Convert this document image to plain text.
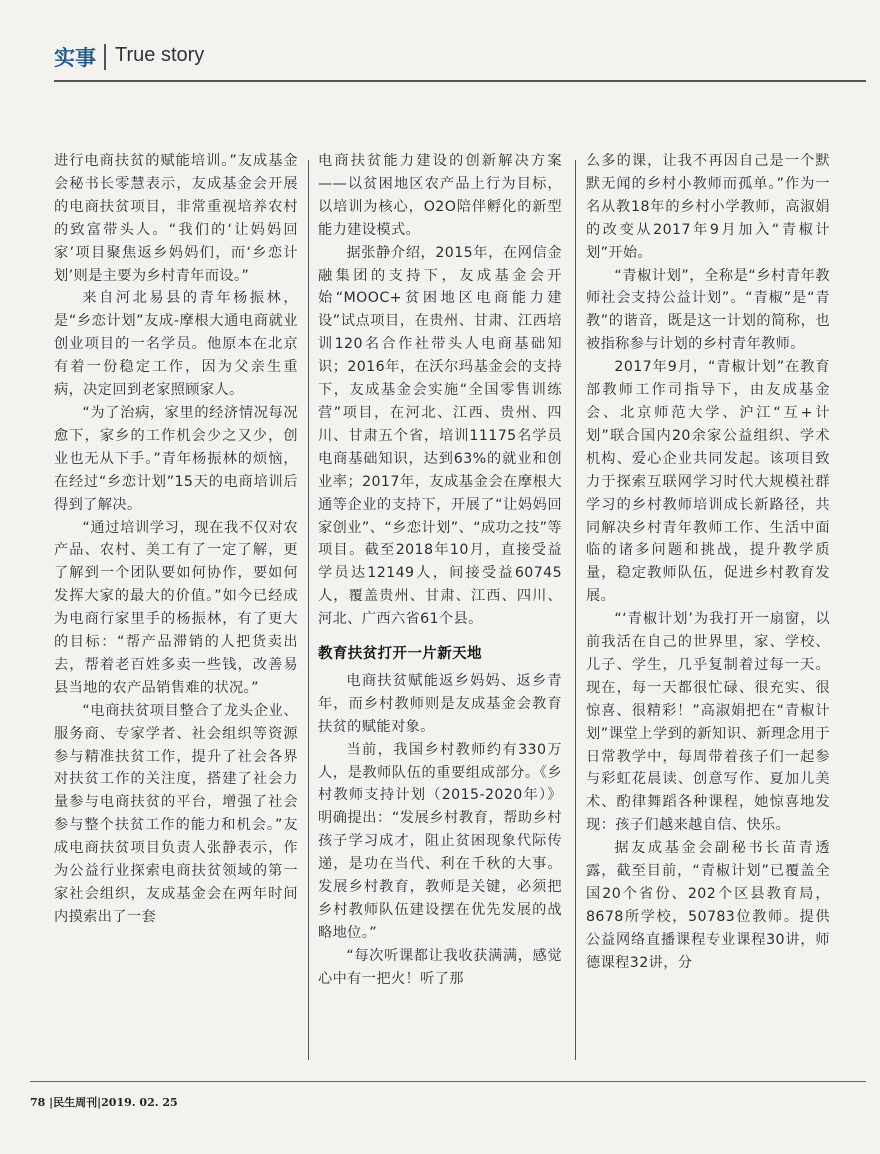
实事 True story

进行电商扶贫的赋能培训。”友成基金会秘书长零慧表示，友成基金会开展的电商扶贫项目，非常重视培养农村的致富带头人。“我们的‘让妈妈回家’项目聚焦返乡妈妈们，而‘乡恋计划’则是主要为乡村青年而设。”

来自河北易县的青年杨振林，是“乡恋计划”友成-摩根大通电商就业创业项目的一名学员。他原本在北京有着一份稳定工作，因为父亲生重病，决定回到老家照顾家人。

“为了治病，家里的经济情况每况愈下，家乡的工作机会少之又少，创业也无从下手。”青年杨振林的烦恼，在经过“乡恋计划”15天的电商培训后得到了解决。

“通过培训学习，现在我不仅对农产品、农村、美工有了一定了解，更了解到一个团队要如何协作，要如何发挥大家的最大的价值。”如今已经成为电商行家里手的杨振林，有了更大的目标：“帮产品滞销的人把货卖出去，帮着老百姓多卖一些钱，改善易县当地的农产品销售难的状况。”

“电商扶贫项目整合了龙头企业、服务商、专家学者、社会组织等资源参与精准扶贫工作，提升了社会各界对扶贫工作的关注度，搭建了社会力量参与电商扶贫的平台，增强了社会参与整个扶贫工作的能力和机会。”友成电商扶贫项目负责人张静表示，作为公益行业探索电商扶贫领域的第一家社会组织，友成基金会在两年时间内摸索出了一套

电商扶贫能力建设的创新解决方案——以贫困地区农产品上行为目标，以培训为核心，O2O陪伴孵化的新型能力建设模式。

据张静介绍，2015年，在网信金融集团的支持下，友成基金会开始“MOOC+贫困地区电商能力建设”试点项目，在贵州、甘肃、江西培训120名合作社带头人电商基础知识；2016年，在沃尔玛基金会的支持下，友成基金会实施“全国零售训练营”项目，在河北、江西、贵州、四川、甘肃五个省，培训11175名学员电商基础知识，达到63%的就业和创业率；2017年，友成基金会在摩根大通等企业的支持下，开展了“让妈妈回家创业”、“乡恋计划”、“成功之技”等项目。截至2018年10月，直接受益学员达12149人，间接受益60745人，覆盖贵州、甘肃、江西、四川、河北、广西六省61个县。

教育扶贫打开一片新天地

电商扶贫赋能返乡妈妈、返乡青年，而乡村教师则是友成基金会教育扶贫的赋能对象。

当前，我国乡村教师约有330万人，是教师队伍的重要组成部分。《乡村教师支持计划（2015-2020年）》明确提出：“发展乡村教育，帮助乡村孩子学习成才，阻止贫困现象代际传递，是功在当代、利在千秋的大事。发展乡村教育，教师是关键，必须把乡村教师队伍建设摆在优先发展的战略地位。”

“每次听课都让我收获满满，感觉心中有一把火！听了那

么多的课，让我不再因自己是一个默默无闻的乡村小教师而孤单。”作为一名从教18年的乡村小学教师，高淑娟的改变从2017年9月加入“青椒计划”开始。

“青椒计划”，全称是“乡村青年教师社会支持公益计划”。“青椒”是“青教”的谐音，既是这一计划的简称，也被指称参与计划的乡村青年教师。

2017年9月，“青椒计划”在教育部教师工作司指导下，由友成基金会、北京师范大学、沪江“互+计划”联合国内20余家公益组织、学术机构、爱心企业共同发起。该项目致力于探索互联网学习时代大规模社群学习的乡村教师培训成长新路径，共同解决乡村青年教师工作、生活中面临的诸多问题和挑战，提升教学质量，稳定教师队伍，促进乡村教育发展。

“‘青椒计划’为我打开一扇窗，以前我活在自己的世界里，家、学校、儿子、学生，几乎复制着过每一天。现在，每一天都很忙碌、很充实、很惊喜、很精彩！”高淑娟把在“青椒计划”课堂上学到的新知识、新理念用于日常教学中，每周带着孩子们一起参与彩虹花晨读、创意写作、夏加儿美术、酌律舞蹈各种课程，她惊喜地发现：孩子们越来越自信、快乐。

据友成基金会副秘书长苗青透露，截至目前，“青椒计划”已覆盖全国20个省份、202个区县教育局，8678所学校，50783位教师。提供公益网络直播课程专业课程30讲，师德课程32讲，分

78 |民生周刊|2019. 02. 25
